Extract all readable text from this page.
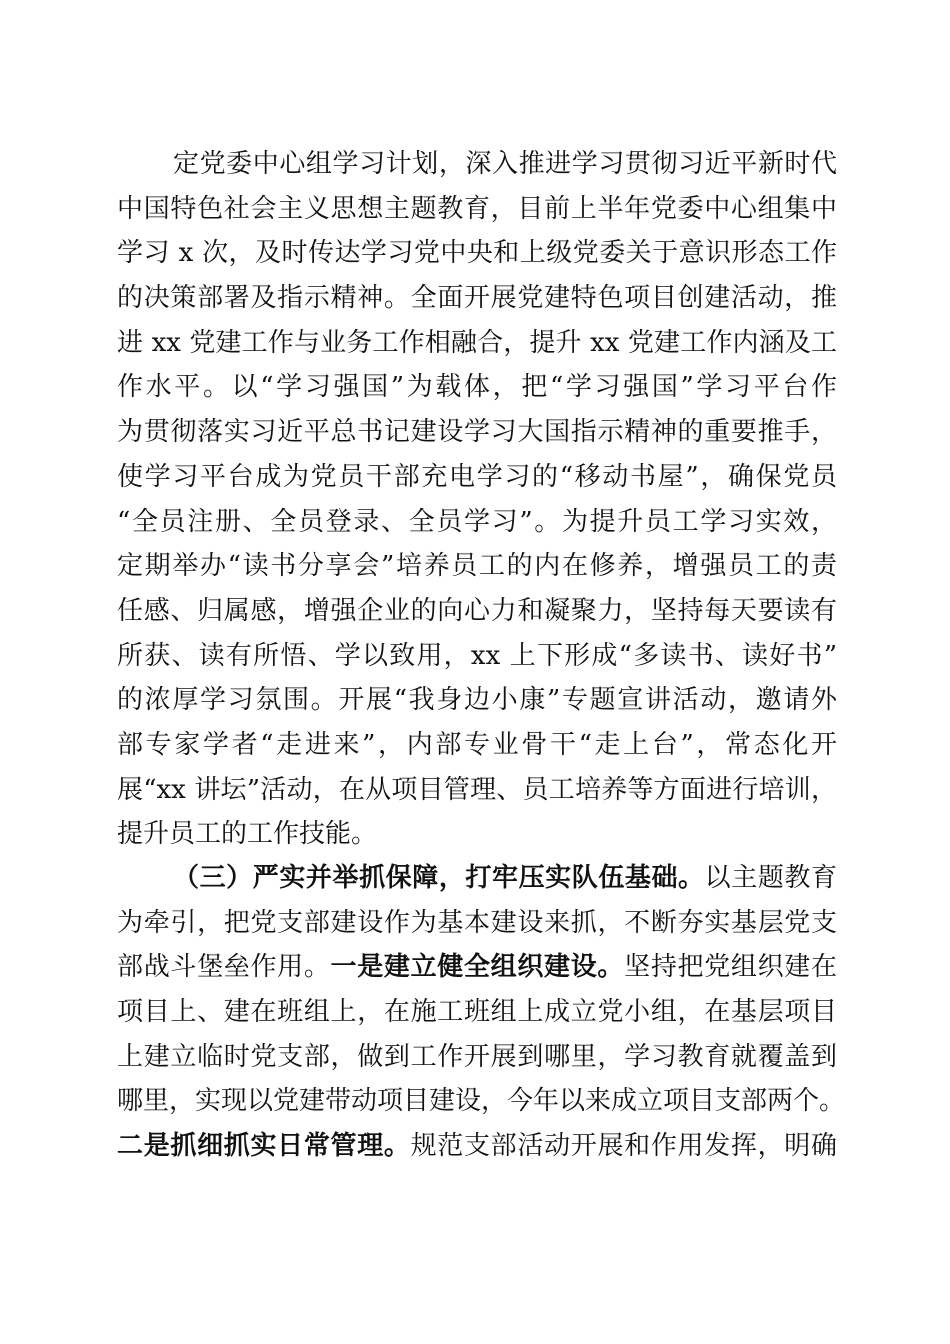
定党委中心组学习计划，深入推进学习贯彻习近平新时代
中国特色社会主义思想主题教育，目前上半年党委中心组集中
学习 x 次，及时传达学习党中央和上级党委关于意识形态工作
的决策部署及指示精神。全面开展党建特色项目创建活动，推
进 xx 党建工作与业务工作相融合，提升 xx 党建工作内涵及工
作水平。以“学习强国”为载体，把“学习强国”学习平台作
为贯彻落实习近平总书记建设学习大国指示精神的重要推手，
使学习平台成为党员干部充电学习的“移动书屋”，确保党员
“全员注册、全员登录、全员学习”。为提升员工学习实效，
定期举办“读书分享会”培养员工的内在修养，增强员工的责
任感、归属感，增强企业的向心力和凝聚力，坚持每天要读有
所获、读有所悟、学以致用，xx 上下形成“多读书、读好书”
的浓厚学习氛围。开展“我身边小康”专题宣讲活动，邀请外
部专家学者“走进来”，内部专业骨干“走上台”，常态化开
展“xx 讲坛”活动，在从项目管理、员工培养等方面进行培训，
提升员工的工作技能。
（三）严实并举抓保障，打牢压实队伍基础。以主题教育
为牵引，把党支部建设作为基本建设来抓，不断夯实基层党支
部战斗堡垒作用。一是建立健全组织建设。坚持把党组织建在
项目上、建在班组上，在施工班组上成立党小组，在基层项目
上建立临时党支部，做到工作开展到哪里，学习教育就覆盖到
哪里，实现以党建带动项目建设，今年以来成立项目支部两个。
二是抓细抓实日常管理。规范支部活动开展和作用发挥，明确
